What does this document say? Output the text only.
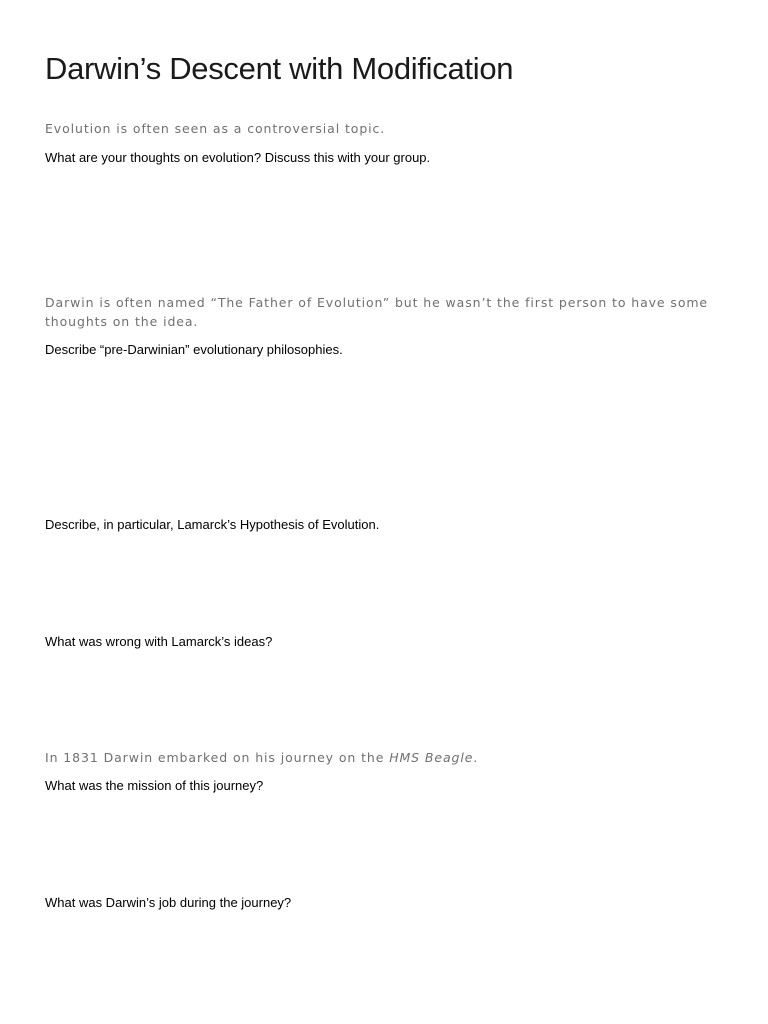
Darwin’s Descent with Modification

Evolution is often seen as a controversial topic.

What are your thoughts on evolution? Discuss this with your group.

Darwin is often named “The Father of Evolution” but he wasn’t the first person to have some thoughts on the idea.

Describe “pre-Darwinian” evolutionary philosophies.

Describe, in particular, Lamarck’s Hypothesis of Evolution.

What was wrong with Lamarck’s ideas?

In 1831 Darwin embarked on his journey on the HMS Beagle.

What was the mission of this journey?

What was Darwin’s job during the journey?
